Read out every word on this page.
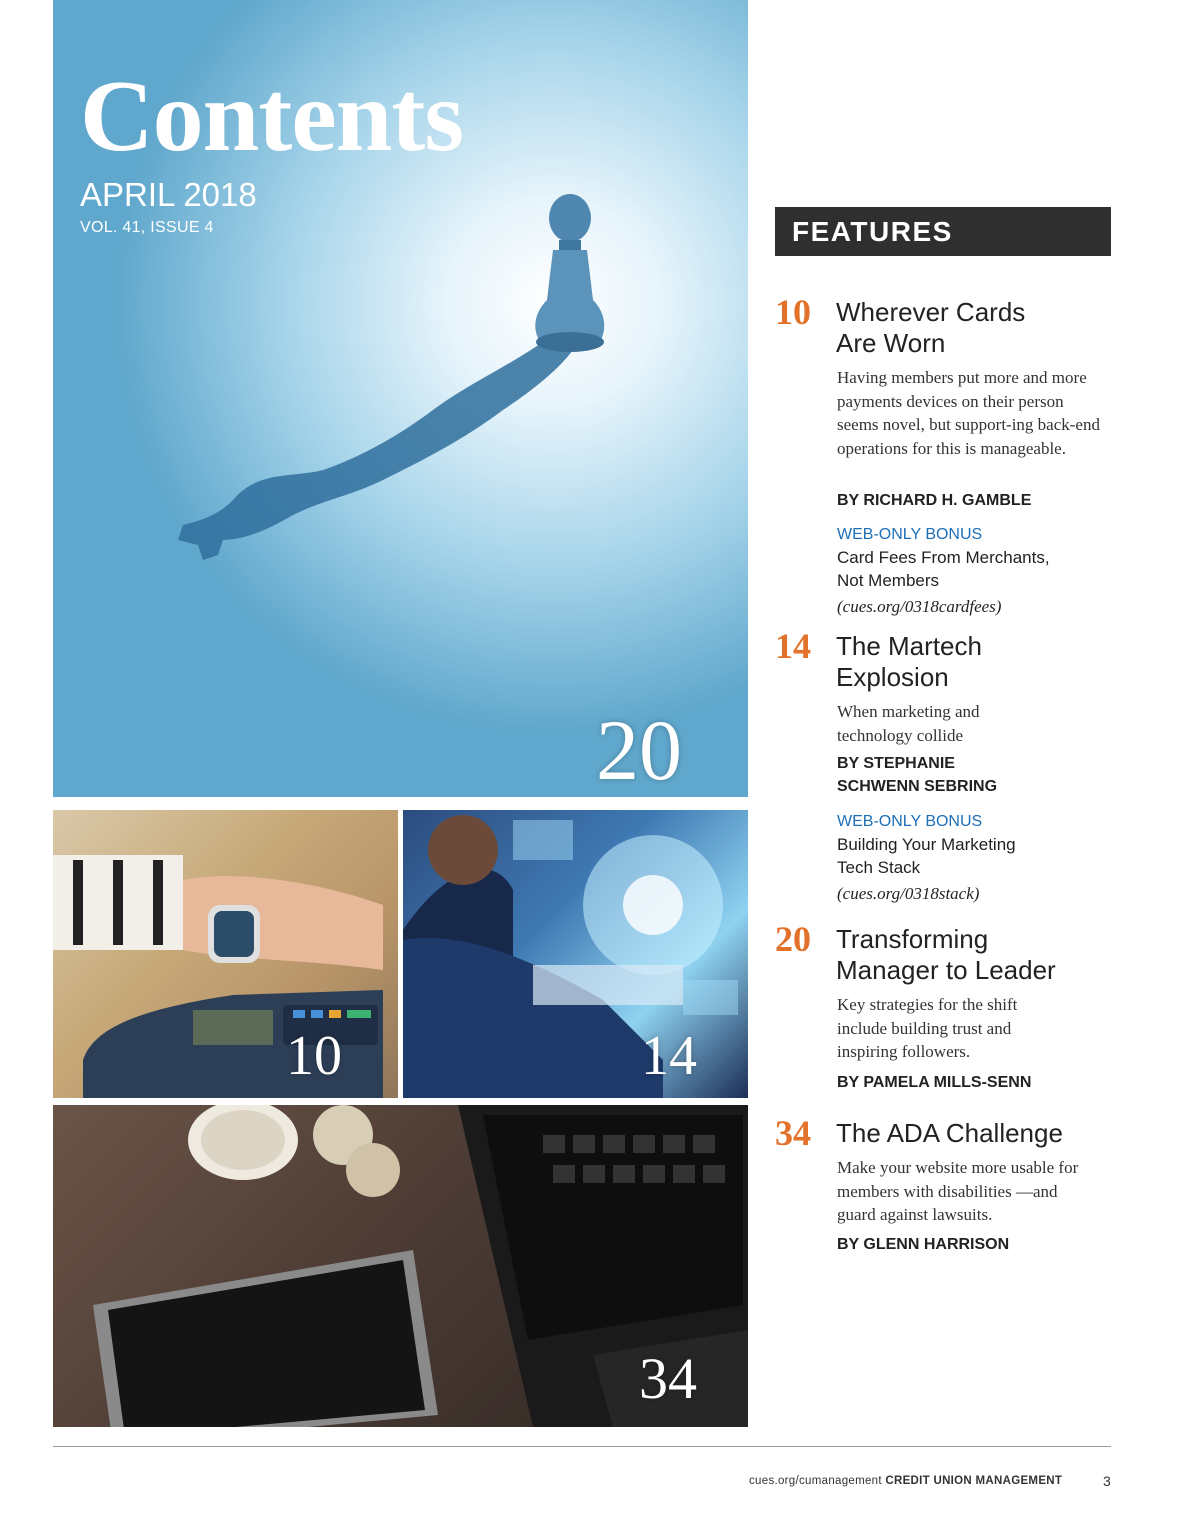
Contents
APRIL 2018
VOL. 41, ISSUE 4
20
10	14
34
FEATURES
10 Wherever Cards Are Worn
Having members put more and more payments devices on their person seems novel, but support-ing back-end operations for this is manageable.
BY RICHARD H. GAMBLE
WEB-ONLY BONUS
Card Fees From Merchants, Not Members
(cues.org/0318cardfees)
14 The Martech Explosion
When marketing and technology collide
BY STEPHANIE SCHWENN SEBRING
WEB-ONLY BONUS
Building Your Marketing Tech Stack
(cues.org/0318stack)
20 Transforming Manager to Leader
Key strategies for the shift include building trust and inspiring followers.
BY PAMELA MILLS-SENN
34 The ADA Challenge
Make your website more usable for members with disabilities —and guard against lawsuits.
BY GLENN HARRISON
cues.org/cumanagement CREDIT UNION MANAGEMENT	3
